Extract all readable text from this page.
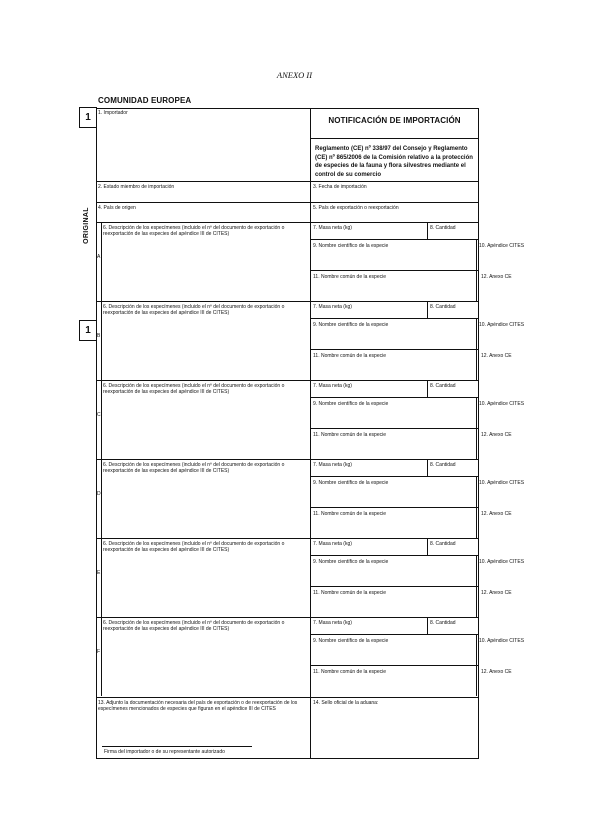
ANEXO II
COMUNIDAD EUROPEA
1
ORIGINAL
1
1. Importador
NOTIFICACIÓN DE IMPORTACIÓN
Reglamento (CE) nº 338/97 del Consejo y Reglamento (CE) nº 865/2006 de la Comisión relativo a la protección de especies de la fauna y flora silvestres mediante el control de su comercio
2. Estado miembro de importación	3. Fecha de importación
4. País de origen	5. País de exportación o reexportación
A
6. Descripción de los especímenes (incluido el nº del documento de exportación o reexportación de las especies del apéndice III de CITES)
7. Masa neta (kg)	8. Cantidad
9. Nombre científico de la especie	10. Apéndice CITES
11. Nombre común de la especie	12. Anexo CE
B
6. Descripción de los especímenes (incluido el nº del documento de exportación o reexportación de las especies del apéndice III de CITES)
7. Masa neta (kg)	8. Cantidad
9. Nombre científico de la especie	10. Apéndice CITES
11. Nombre común de la especie	12. Anexo CE
C
6. Descripción de los especímenes (incluido el nº del documento de exportación o reexportación de las especies del apéndice III de CITES)
7. Masa neta (kg)	8. Cantidad
9. Nombre científico de la especie	10. Apéndice CITES
11. Nombre común de la especie	12. Anexo CE
D
6. Descripción de los especímenes (incluido el nº del documento de exportación o reexportación de las especies del apéndice III de CITES)
7. Masa neta (kg)	8. Cantidad
9. Nombre científico de la especie	10. Apéndice CITES
11. Nombre común de la especie	12. Anexo CE
E
6. Descripción de los especímenes (incluido el nº del documento de exportación o reexportación de las especies del apéndice III de CITES)
7. Masa neta (kg)	8. Cantidad
9. Nombre científico de la especie	10. Apéndice CITES
11. Nombre común de la especie	12. Anexo CE
F
6. Descripción de los especímenes (incluido el nº del documento de exportación o reexportación de las especies del apéndice III de CITES)
7. Masa neta (kg)	8. Cantidad
9. Nombre científico de la especie	10. Apéndice CITES
11. Nombre común de la especie	12. Anexo CE
13. Adjunto la documentación necesaria del país de exportación o de reexportación de los especímenes mencionados de especies que figuran en el apéndice III de CITES
Firma del importador o de su representante autorizado
14. Sello oficial de la aduana:
